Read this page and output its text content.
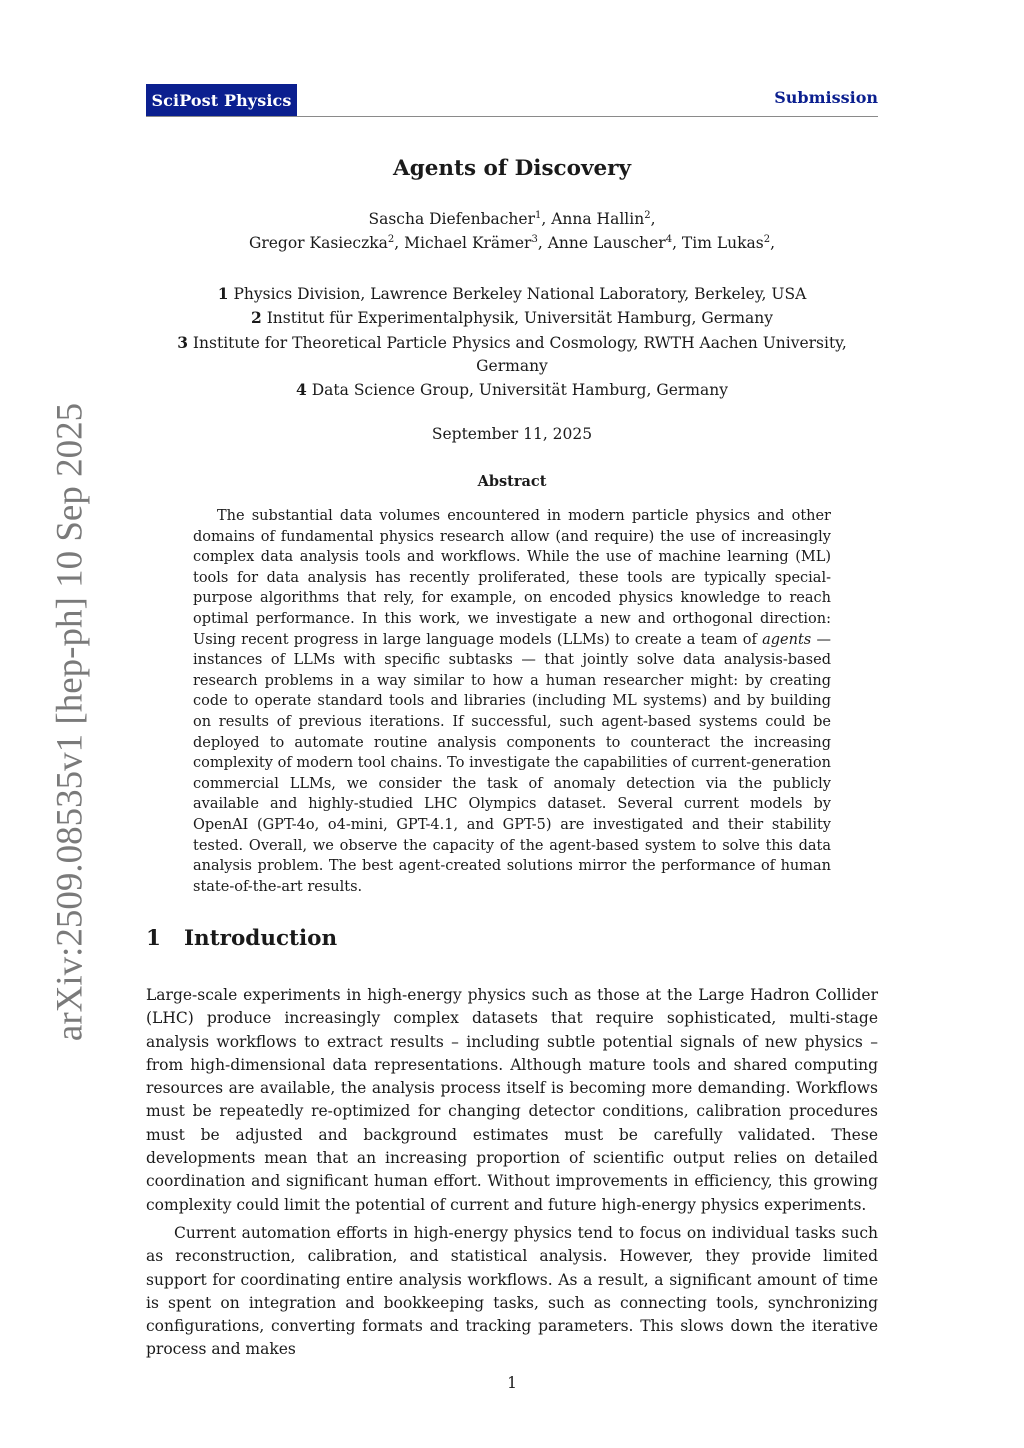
SciPost Physics	Submission
arXiv:2509.08535v1 [hep-ph] 10 Sep 2025
Agents of Discovery
Sascha Diefenbacher$^1$, Anna Hallin$^2$,
Gregor Kasieczka$^2$, Michael Krämer$^3$, Anne Lauscher$^4$, Tim Lukas$^2$,
1 Physics Division, Lawrence Berkeley National Laboratory, Berkeley, USA
2 Institut für Experimentalphysik, Universität Hamburg, Germany
3 Institute for Theoretical Particle Physics and Cosmology, RWTH Aachen University, Germany
4 Data Science Group, Universität Hamburg, Germany
September 11, 2025
Abstract

The substantial data volumes encountered in modern particle physics and other domains of fundamental physics research allow (and require) the use of increasingly complex data analysis tools and workflows. While the use of machine learning (ML) tools for data analysis has recently proliferated, these tools are typically special-purpose algorithms that rely, for example, on encoded physics knowledge to reach optimal performance. In this work, we investigate a new and orthogonal direction: Using recent progress in large language models (LLMs) to create a team of agents — instances of LLMs with specific subtasks — that jointly solve data analysis-based research problems in a way similar to how a human researcher might: by creating code to operate standard tools and libraries (including ML systems) and by building on results of previous iterations. If successful, such agent-based systems could be deployed to automate routine analysis components to counteract the increasing complexity of modern tool chains. To investigate the capabilities of current-generation commercial LLMs, we consider the task of anomaly detection via the publicly available and highly-studied LHC Olympics dataset. Several current models by OpenAI (GPT-4o, o4-mini, GPT-4.1, and GPT-5) are investigated and their stability tested. Overall, we observe the capacity of the agent-based system to solve this data analysis problem. The best agent-created solutions mirror the performance of human state-of-the-art results.

1 Introduction

Large-scale experiments in high-energy physics such as those at the Large Hadron Collider (LHC) produce increasingly complex datasets that require sophisticated, multi-stage analysis workflows to extract results – including subtle potential signals of new physics – from high-dimensional data representations. Although mature tools and shared computing resources are available, the analysis process itself is becoming more demanding. Workflows must be repeatedly re-optimized for changing detector conditions, calibration procedures must be adjusted and background estimates must be carefully validated. These developments mean that an increasing proportion of scientific output relies on detailed coordination and significant human effort. Without improvements in efficiency, this growing complexity could limit the potential of current and future high-energy physics experiments.

Current automation efforts in high-energy physics tend to focus on individual tasks such as reconstruction, calibration, and statistical analysis. However, they provide limited support for coordinating entire analysis workflows. As a result, a significant amount of time is spent on integration and bookkeeping tasks, such as connecting tools, synchronizing configurations, converting formats and tracking parameters. This slows down the iterative process and makes

1
